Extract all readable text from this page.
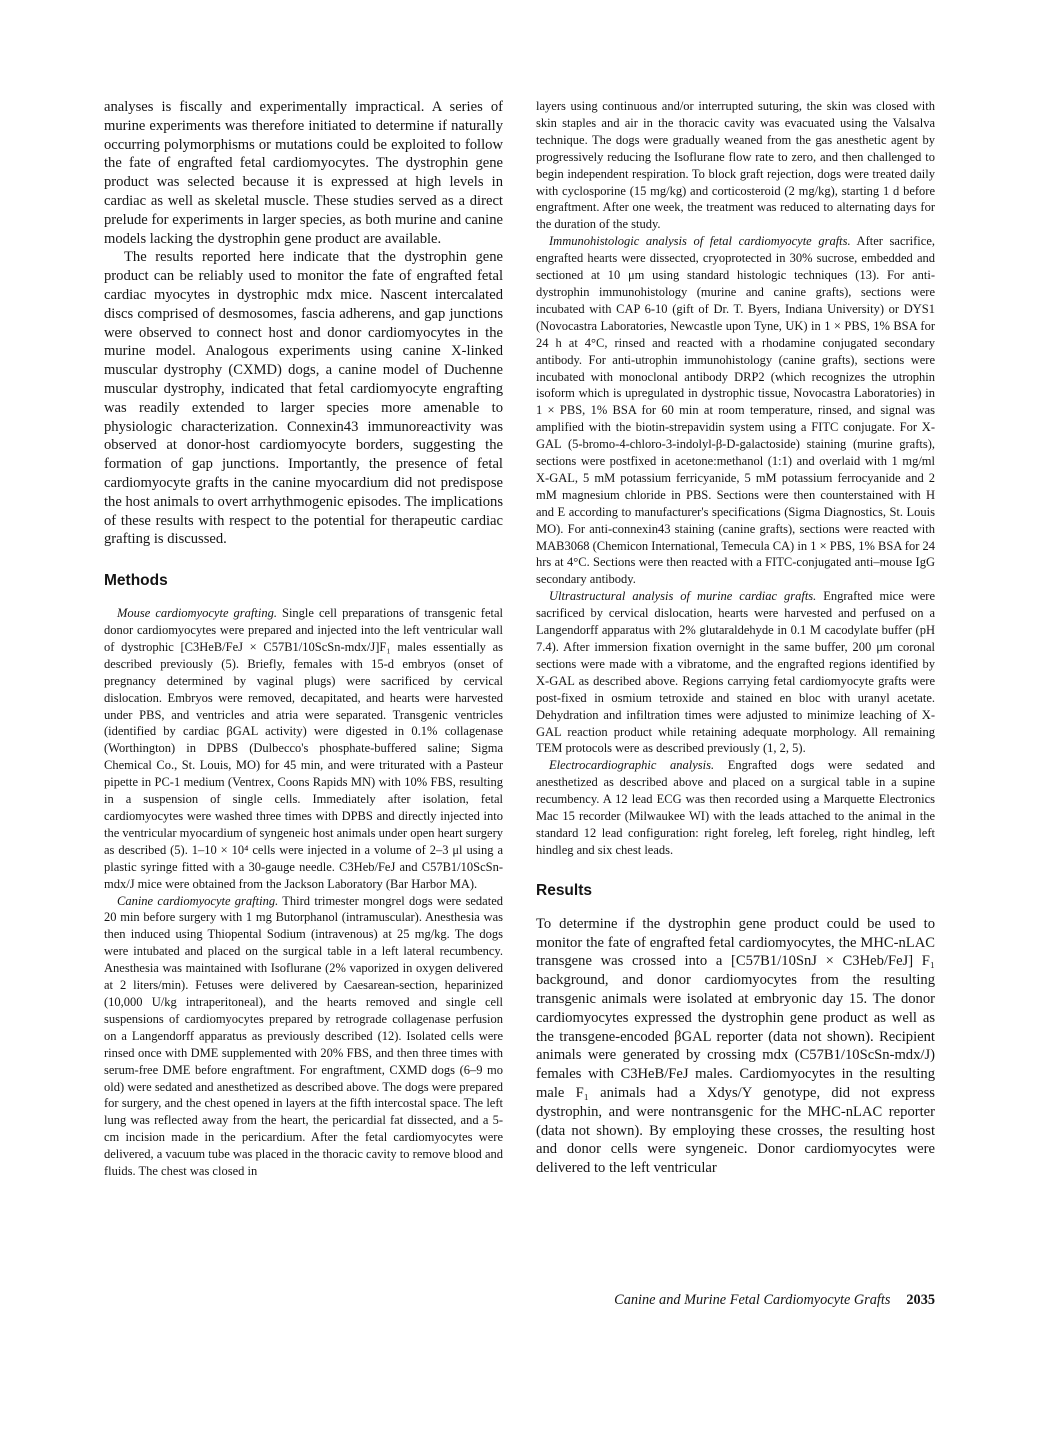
analyses is fiscally and experimentally impractical. A series of murine experiments was therefore initiated to determine if naturally occurring polymorphisms or mutations could be exploited to follow the fate of engrafted fetal cardiomyocytes. The dystrophin gene product was selected because it is expressed at high levels in cardiac as well as skeletal muscle. These studies served as a direct prelude for experiments in larger species, as both murine and canine models lacking the dystrophin gene product are available.

The results reported here indicate that the dystrophin gene product can be reliably used to monitor the fate of engrafted fetal cardiac myocytes in dystrophic mdx mice. Nascent intercalated discs comprised of desmosomes, fascia adherens, and gap junctions were observed to connect host and donor cardiomyocytes in the murine model. Analogous experiments using canine X-linked muscular dystrophy (CXMD) dogs, a canine model of Duchenne muscular dystrophy, indicated that fetal cardiomyocyte engrafting was readily extended to larger species more amenable to physiologic characterization. Connexin43 immunoreactivity was observed at donor-host cardiomyocyte borders, suggesting the formation of gap junctions. Importantly, the presence of fetal cardiomyocyte grafts in the canine myocardium did not predispose the host animals to overt arrhythmogenic episodes. The implications of these results with respect to the potential for therapeutic cardiac grafting is discussed.

Methods

Mouse cardiomyocyte grafting. Single cell preparations of transgenic fetal donor cardiomyocytes were prepared and injected into the left ventricular wall of dystrophic [C3HeB/FeJ × C57B1/10ScSn-mdx/J]F₁ males essentially as described previously (5). Briefly, females with 15-d embryos (onset of pregnancy determined by vaginal plugs) were sacrificed by cervical dislocation. Embryos were removed, decapitated, and hearts were harvested under PBS, and ventricles and atria were separated. Transgenic ventricles (identified by cardiac βGAL activity) were digested in 0.1% collagenase (Worthington) in DPBS (Dulbecco's phosphate-buffered saline; Sigma Chemical Co., St. Louis, MO) for 45 min, and were triturated with a Pasteur pipette in PC-1 medium (Ventrex, Coons Rapids MN) with 10% FBS, resulting in a suspension of single cells. Immediately after isolation, fetal cardiomyocytes were washed three times with DPBS and directly injected into the ventricular myocardium of syngeneic host animals under open heart surgery as described (5). 1–10 × 10⁴ cells were injected in a volume of 2–3 μl using a plastic syringe fitted with a 30-gauge needle. C3Heb/FeJ and C57B1/10ScSn-mdx/J mice were obtained from the Jackson Laboratory (Bar Harbor MA).

Canine cardiomyocyte grafting. Third trimester mongrel dogs were sedated 20 min before surgery with 1 mg Butorphanol (intramuscular). Anesthesia was then induced using Thiopental Sodium (intravenous) at 25 mg/kg. The dogs were intubated and placed on the surgical table in a left lateral recumbency. Anesthesia was maintained with Isoflurane (2% vaporized in oxygen delivered at 2 liters/min). Fetuses were delivered by Caesarean-section, heparinized (10,000 U/kg intraperitoneal), and the hearts removed and single cell suspensions of cardiomyocytes prepared by retrograde collagenase perfusion on a Langendorff apparatus as previously described (12). Isolated cells were rinsed once with DME supplemented with 20% FBS, and then three times with serum-free DME before engraftment. For engraftment, CXMD dogs (6–9 mo old) were sedated and anesthetized as described above. The dogs were prepared for surgery, and the chest opened in layers at the fifth intercostal space. The left lung was reflected away from the heart, the pericardial fat dissected, and a 5-cm incision made in the pericardium. After the fetal cardiomyocytes were delivered, a vacuum tube was placed in the thoracic cavity to remove blood and fluids. The chest was closed in

layers using continuous and/or interrupted suturing, the skin was closed with skin staples and air in the thoracic cavity was evacuated using the Valsalva technique. The dogs were gradually weaned from the gas anesthetic agent by progressively reducing the Isoflurane flow rate to zero, and then challenged to begin independent respiration. To block graft rejection, dogs were treated daily with cyclosporine (15 mg/kg) and corticosteroid (2 mg/kg), starting 1 d before engraftment. After one week, the treatment was reduced to alternating days for the duration of the study.

Immunohistologic analysis of fetal cardiomyocyte grafts. After sacrifice, engrafted hearts were dissected, cryoprotected in 30% sucrose, embedded and sectioned at 10 μm using standard histologic techniques (13). For anti-dystrophin immunohistology (murine and canine grafts), sections were incubated with CAP 6-10 (gift of Dr. T. Byers, Indiana University) or DYS1 (Novocastra Laboratories, Newcastle upon Tyne, UK) in 1 × PBS, 1% BSA for 24 h at 4°C, rinsed and reacted with a rhodamine conjugated secondary antibody. For anti-utrophin immunohistology (canine grafts), sections were incubated with monoclonal antibody DRP2 (which recognizes the utrophin isoform which is upregulated in dystrophic tissue, Novocastra Laboratories) in 1 × PBS, 1% BSA for 60 min at room temperature, rinsed, and signal was amplified with the biotin-strepavidin system using a FITC conjugate. For X-GAL (5-bromo-4-chloro-3-indolyl-β-D-galactoside) staining (murine grafts), sections were postfixed in acetone:methanol (1:1) and overlaid with 1 mg/ml X-GAL, 5 mM potassium ferricyanide, 5 mM potassium ferrocyanide and 2 mM magnesium chloride in PBS. Sections were then counterstained with H and E according to manufacturer's specifications (Sigma Diagnostics, St. Louis MO). For anti-connexin43 staining (canine grafts), sections were reacted with MAB3068 (Chemicon International, Temecula CA) in 1 × PBS, 1% BSA for 24 hrs at 4°C. Sections were then reacted with a FITC-conjugated anti–mouse IgG secondary antibody.

Ultrastructural analysis of murine cardiac grafts. Engrafted mice were sacrificed by cervical dislocation, hearts were harvested and perfused on a Langendorff apparatus with 2% glutaraldehyde in 0.1 M cacodylate buffer (pH 7.4). After immersion fixation overnight in the same buffer, 200 μm coronal sections were made with a vibratome, and the engrafted regions identified by X-GAL as described above. Regions carrying fetal cardiomyocyte grafts were post-fixed in osmium tetroxide and stained en bloc with uranyl acetate. Dehydration and infiltration times were adjusted to minimize leaching of X-GAL reaction product while retaining adequate morphology. All remaining TEM protocols were as described previously (1, 2, 5).

Electrocardiographic analysis. Engrafted dogs were sedated and anesthetized as described above and placed on a surgical table in a supine recumbency. A 12 lead ECG was then recorded using a Marquette Electronics Mac 15 recorder (Milwaukee WI) with the leads attached to the animal in the standard 12 lead configuration: right foreleg, left foreleg, right hindleg, left hindleg and six chest leads.

Results

To determine if the dystrophin gene product could be used to monitor the fate of engrafted fetal cardiomyocytes, the MHC-nLAC transgene was crossed into a [C57B1/10SnJ × C3Heb/FeJ] F₁ background, and donor cardiomyocytes from the resulting transgenic animals were isolated at embryonic day 15. The donor cardiomyocytes expressed the dystrophin gene product as well as the transgene-encoded βGAL reporter (data not shown). Recipient animals were generated by crossing mdx (C57B1/10ScSn-mdx/J) females with C3HeB/FeJ males. Cardiomyocytes in the resulting male F₁ animals had a Xdys/Y genotype, did not express dystrophin, and were nontransgenic for the MHC-nLAC reporter (data not shown). By employing these crosses, the resulting host and donor cells were syngeneic. Donor cardiomyocytes were delivered to the left ventricular

Canine and Murine Fetal Cardiomyocyte Grafts 2035
